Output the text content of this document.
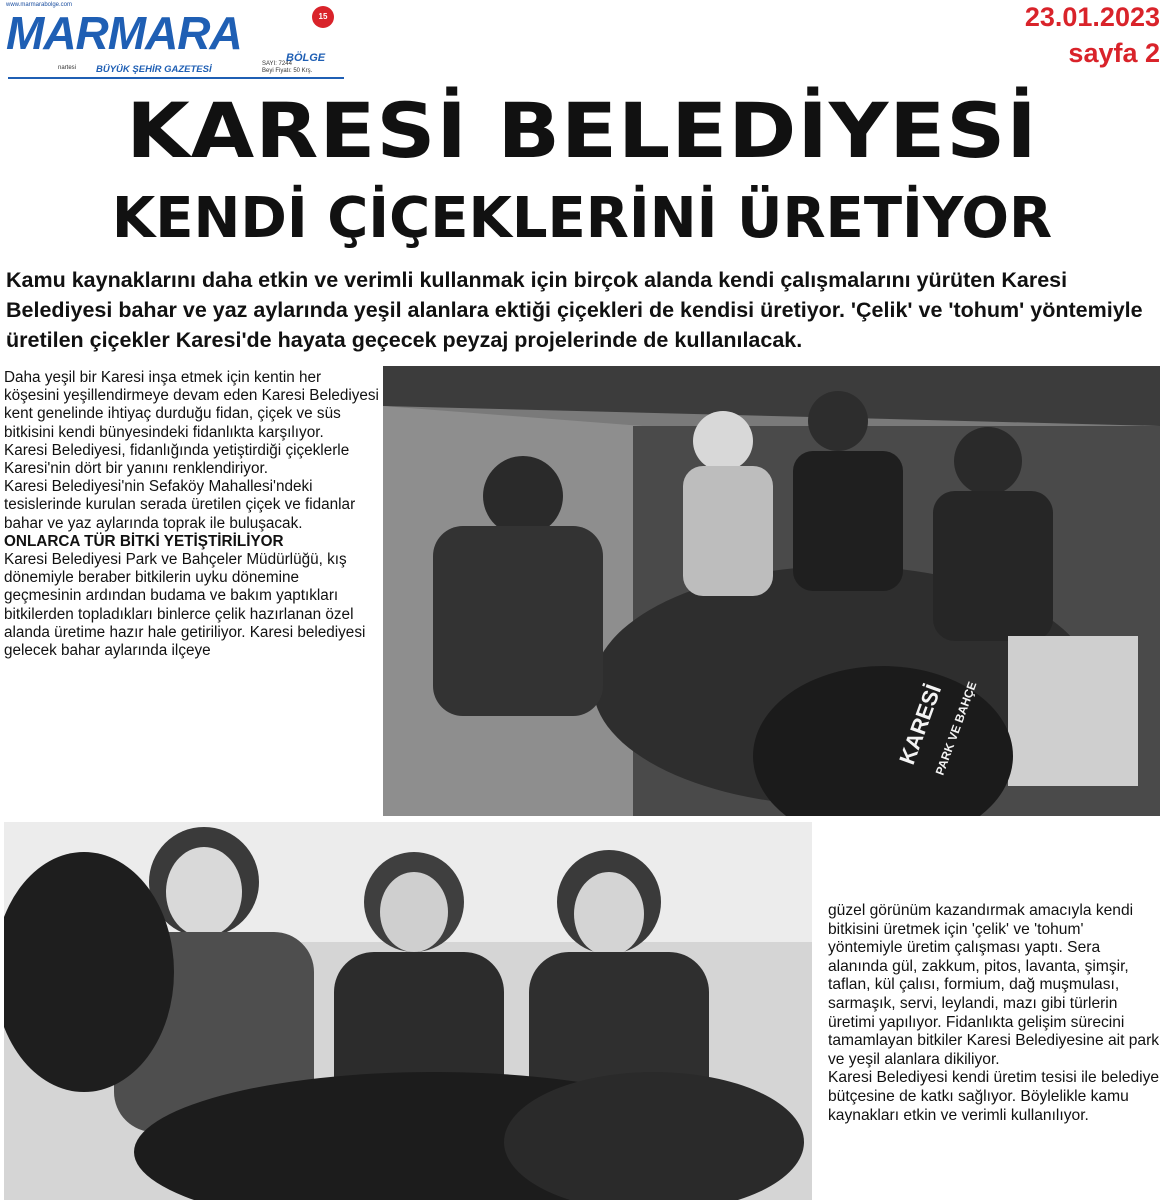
www.marmarabolge.com
MARMARA	15
BÖLGE
nartesi BÜYÜK ŞEHİR GAZETESİ	SAYI: 7244
Beyi Fiyatı: 50 Krş.
23.01.2023
sayfa 2
KARESİ BELEDİYESİ
KENDİ ÇİÇEKLERİNİ ÜRETİYOR
Kamu kaynaklarını daha etkin ve verimli kullanmak için birçok alanda kendi çalışmalarını yürüten Karesi Belediyesi bahar ve yaz aylarında yeşil alanlara ektiği çiçekleri de kendisi üretiyor. 'Çelik' ve 'tohum' yöntemiyle üretilen çiçekler Karesi'de hayata geçecek peyzaj projelerinde de kullanılacak.

Daha yeşil bir Karesi inşa etmek için kentin her köşesini yeşillendirmeye devam eden Karesi Belediyesi kent genelinde ihtiyaç durduğu fidan, çiçek ve süs bitkisini kendi bünyesindeki fidanlıkta karşılıyor.

Karesi Belediyesi, fidanlığında yetiştirdiği çiçeklerle Karesi'nin dört bir yanını renklendiriyor.

Karesi Belediyesi'nin Sefaköy Mahallesi'ndeki tesislerinde kurulan serada üretilen çiçek ve fidanlar bahar ve yaz aylarında toprak ile buluşacak.

ONLARCA TÜR BİTKİ YETİŞTİRİLİYOR

Karesi Belediyesi Park ve Bahçeler Müdürlüğü, kış dönemiyle beraber bitkilerin uyku dönemine geçmesinin ardından budama ve bakım yaptıkları bitkilerden topladıkları binlerce çelik hazırlanan özel alanda üretime hazır hale getiriliyor. Karesi belediyesi gelecek bahar aylarında ilçeye

KARESİ
PARK VE BAHÇE

güzel görünüm kazandırmak amacıyla kendi bitkisini üretmek için 'çelik' ve 'tohum' yöntemiyle üretim çalışması yaptı. Sera alanında gül, zakkum, pitos, lavanta, şimşir, taflan, kül çalısı, formium, dağ muşmulası, sarmaşık, servi, leylandi, mazı gibi türlerin üretimi yapılıyor. Fidanlıkta gelişim sürecini tamamlayan bitkiler Karesi Belediyesine ait park ve yeşil alanlara dikiliyor.

Karesi Belediyesi kendi üretim tesisi ile belediye bütçesine de katkı sağlıyor. Böylelikle kamu kaynakları etkin ve verimli kullanılıyor.
